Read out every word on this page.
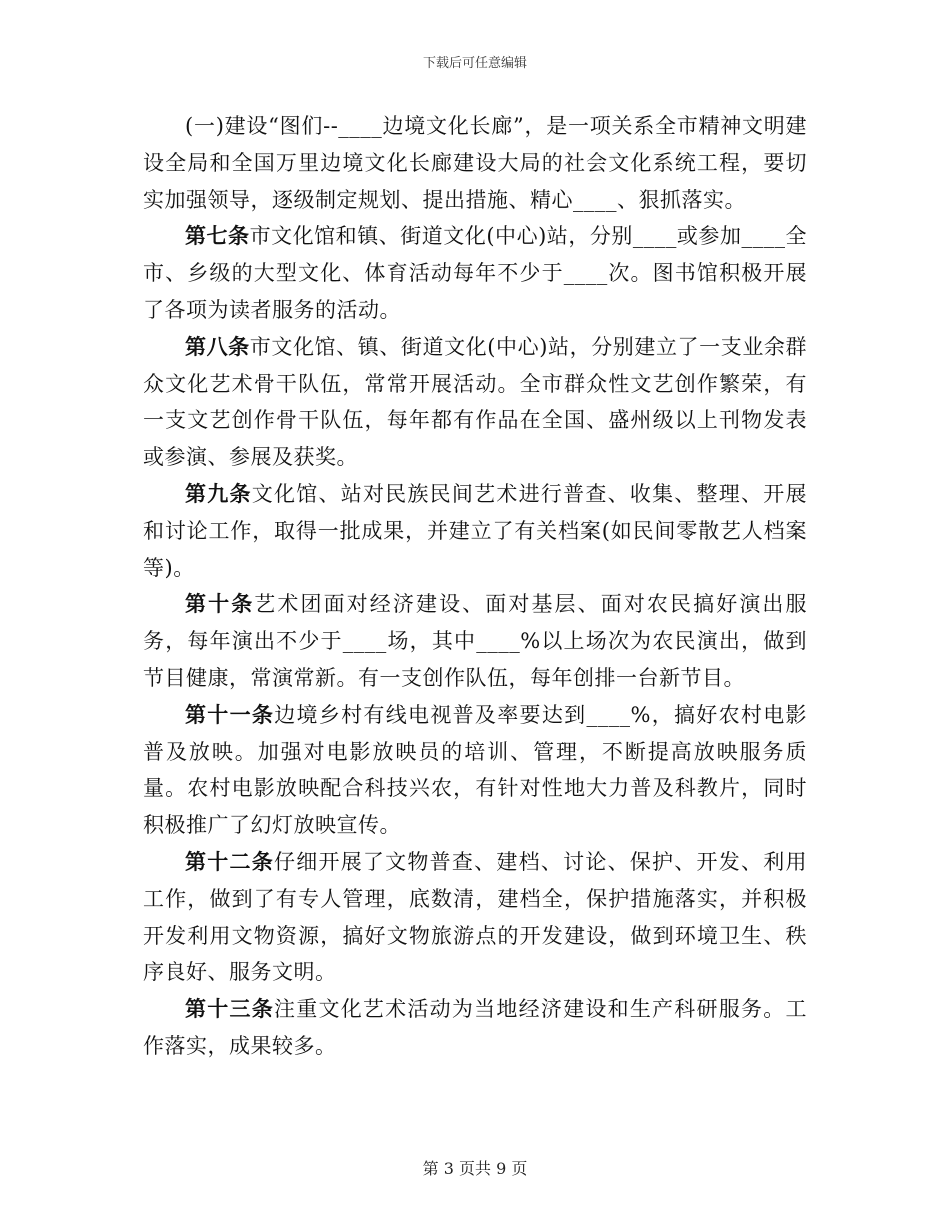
下载后可任意编辑

(一)建设“图们--____边境文化长廊”，是一项关系全市精神文明建设全局和全国万里边境文化长廊建设大局的社会文化系统工程，要切实加强领导，逐级制定规划、提出措施、精心____、狠抓落实。

第七条市文化馆和镇、街道文化(中心)站，分别____或参加____全市、乡级的大型文化、体育活动每年不少于____次。图书馆积极开展了各项为读者服务的活动。

第八条市文化馆、镇、街道文化(中心)站，分别建立了一支业余群众文化艺术骨干队伍，常常开展活动。全市群众性文艺创作繁荣，有一支文艺创作骨干队伍，每年都有作品在全国、盛州级以上刊物发表或参演、参展及获奖。

第九条文化馆、站对民族民间艺术进行普查、收集、整理、开展和讨论工作，取得一批成果，并建立了有关档案(如民间零散艺人档案等)。

第十条艺术团面对经济建设、面对基层、面对农民搞好演出服务，每年演出不少于____场，其中____%以上场次为农民演出，做到节目健康，常演常新。有一支创作队伍，每年创排一台新节目。

第十一条边境乡村有线电视普及率要达到____%，搞好农村电影普及放映。加强对电影放映员的培训、管理，不断提高放映服务质量。农村电影放映配合科技兴农，有针对性地大力普及科教片，同时积极推广了幻灯放映宣传。

第十二条仔细开展了文物普查、建档、讨论、保护、开发、利用工作，做到了有专人管理，底数清，建档全，保护措施落实，并积极开发利用文物资源，搞好文物旅游点的开发建设，做到环境卫生、秩序良好、服务文明。

第十三条注重文化艺术活动为当地经济建设和生产科研服务。工作落实，成果较多。

第 3 页共 9 页
